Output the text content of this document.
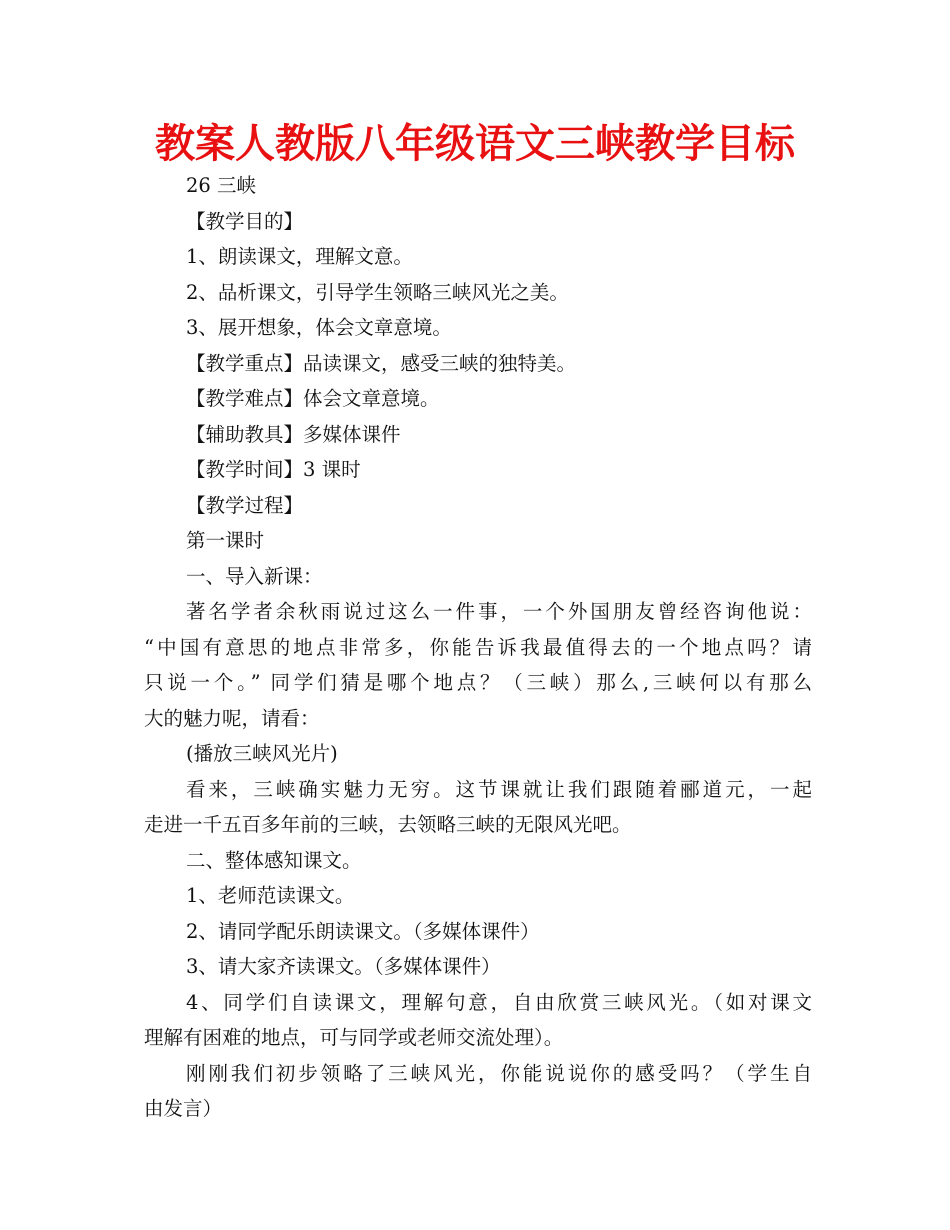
教案人教版八年级语文三峡教学目标
26 三峡
【教学目的】
1、朗读课文，理解文意。
2、品析课文，引导学生领略三峡风光之美。
3、展开想象，体会文章意境。
【教学重点】品读课文，感受三峡的独特美。
【教学难点】体会文章意境。
【辅助教具】多媒体课件
【教学时间】3 课时
【教学过程】
第一课时
一、导入新课：
著名学者余秋雨说过这么一件事，一个外国朋友曾经咨询他说：
“中国有意思的地点非常多，你能告诉我最值得去的一个地点吗？请
只说一个。” 同学们猜是哪个地点？（三峡）那么,三峡何以有那么
大的魅力呢，请看：
(播放三峡风光片)
看来，三峡确实魅力无穷。这节课就让我们跟随着郦道元，一起
走进一千五百多年前的三峡，去领略三峡的无限风光吧。
二、整体感知课文。
1、老师范读课文。
2、请同学配乐朗读课文。（多媒体课件）
3、请大家齐读课文。（多媒体课件）
4、同学们自读课文，理解句意，自由欣赏三峡风光。（如对课文
理解有困难的地点，可与同学或老师交流处理）。
刚刚我们初步领略了三峡风光，你能说说你的感受吗？（学生自
由发言）
